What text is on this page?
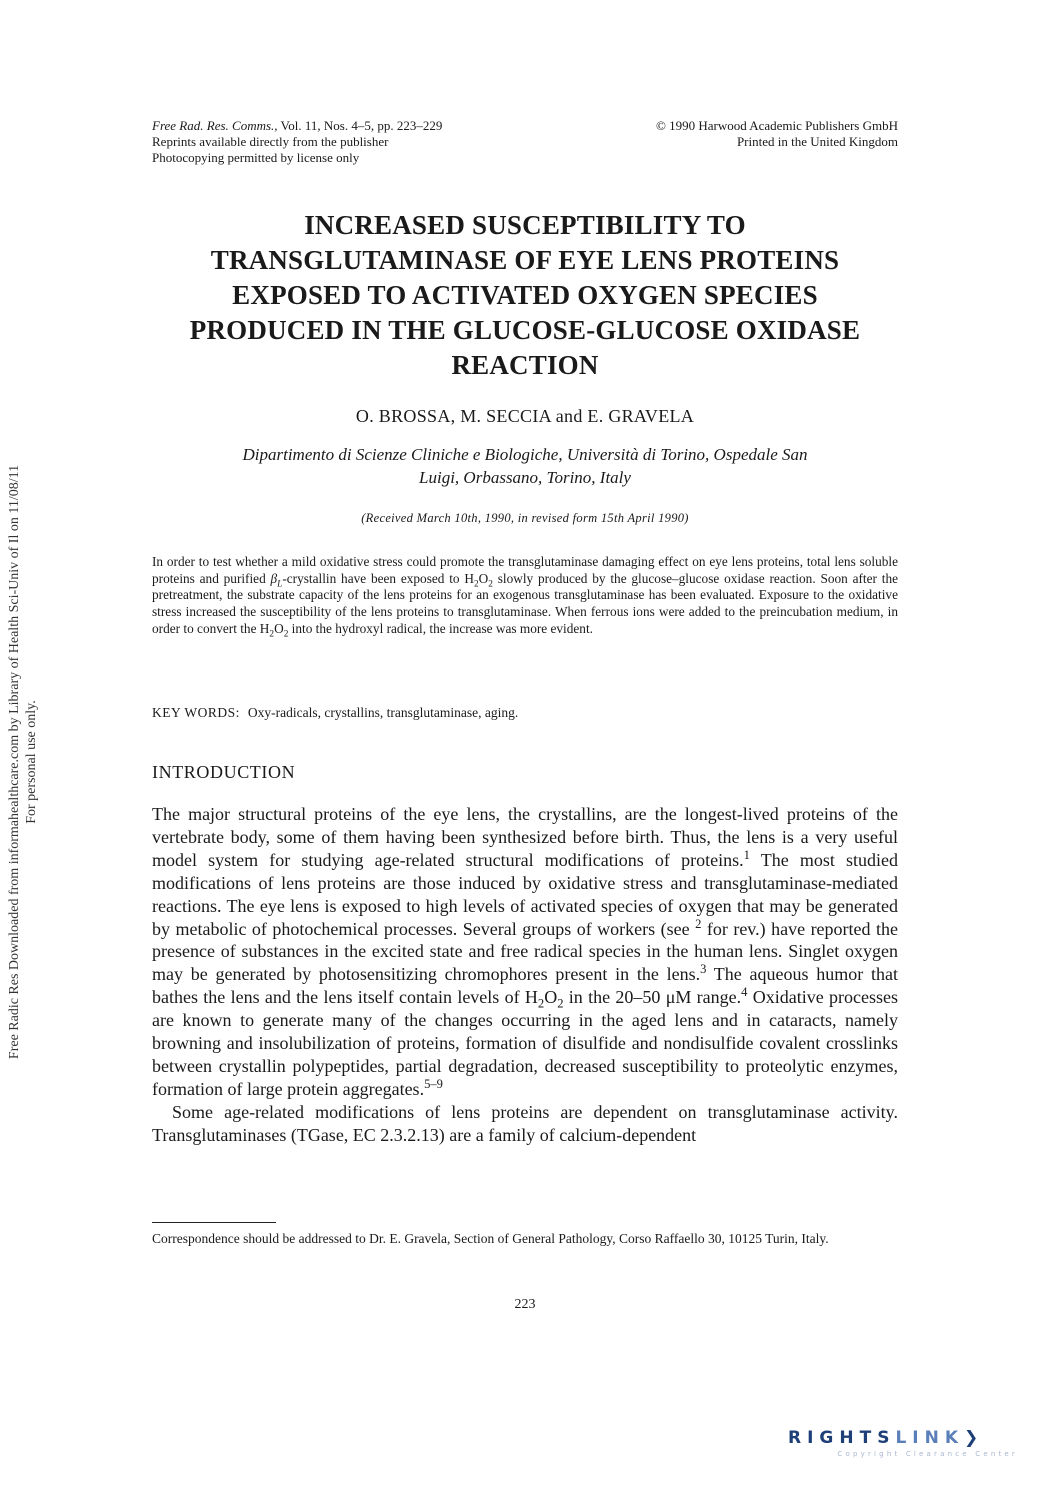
Free Rad. Res. Comms., Vol. 11, Nos. 4–5, pp. 223–229
Reprints available directly from the publisher
Photocopying permitted by license only
© 1990 Harwood Academic Publishers GmbH
Printed in the United Kingdom
INCREASED SUSCEPTIBILITY TO
TRANSGLUTAMINASE OF EYE LENS PROTEINS
EXPOSED TO ACTIVATED OXYGEN SPECIES
PRODUCED IN THE GLUCOSE-GLUCOSE OXIDASE
REACTION
O. BROSSA, M. SECCIA and E. GRAVELA
Dipartimento di Scienze Cliniche e Biologiche, Università di Torino, Ospedale San
Luigi, Orbassano, Torino, Italy
(Received March 10th, 1990, in revised form 15th April 1990)
In order to test whether a mild oxidative stress could promote the transglutaminase damaging effect on eye lens proteins, total lens soluble proteins and purified $\beta_L$-crystallin have been exposed to $H_2O_2$ slowly produced by the glucose–glucose oxidase reaction. Soon after the pretreatment, the substrate capacity of the lens proteins for an exogenous transglutaminase has been evaluated. Exposure to the oxidative stress increased the susceptibility of the lens proteins to transglutaminase. When ferrous ions were added to the preincubation medium, in order to convert the $H_2O_2$ into the hydroxyl radical, the increase was more evident.
KEY WORDS: Oxy-radicals, crystallins, transglutaminase, aging.
INTRODUCTION

The major structural proteins of the eye lens, the crystallins, are the longest-lived proteins of the vertebrate body, some of them having been synthesized before birth. Thus, the lens is a very useful model system for studying age-related structural modifications of proteins.$^1$ The most studied modifications of lens proteins are those induced by oxidative stress and transglutaminase-mediated reactions. The eye lens is exposed to high levels of activated species of oxygen that may be generated by metabolic of photochemical processes. Several groups of workers (see $^2$ for rev.) have reported the presence of substances in the excited state and free radical species in the human lens. Singlet oxygen may be generated by photosensitizing chromophores present in the lens.$^3$ The aqueous humor that bathes the lens and the lens itself contain levels of $H_2O_2$ in the 20–50 μM range.$^4$ Oxidative processes are known to generate many of the changes occurring in the aged lens and in cataracts, namely browning and insolubilization of proteins, formation of disulfide and nondisulfide covalent crosslinks between crystallin polypeptides, partial degradation, decreased susceptibility to proteolytic enzymes, formation of large protein aggregates.$^{5-9}$

Some age-related modifications of lens proteins are dependent on transglutaminase activity. Transglutaminases (TGase, EC 2.3.2.13) are a family of calcium-dependent

Correspondence should be addressed to Dr. E. Gravela, Section of General Pathology, Corso Raffaello 30, 10125 Turin, Italy.
223
Free Radic Res Downloaded from informahealthcare.com by Library of Health Sci-Univ of Il on 11/08/11 For personal use only.
RIGHTSLINK❯
Copyright Clearance Center
